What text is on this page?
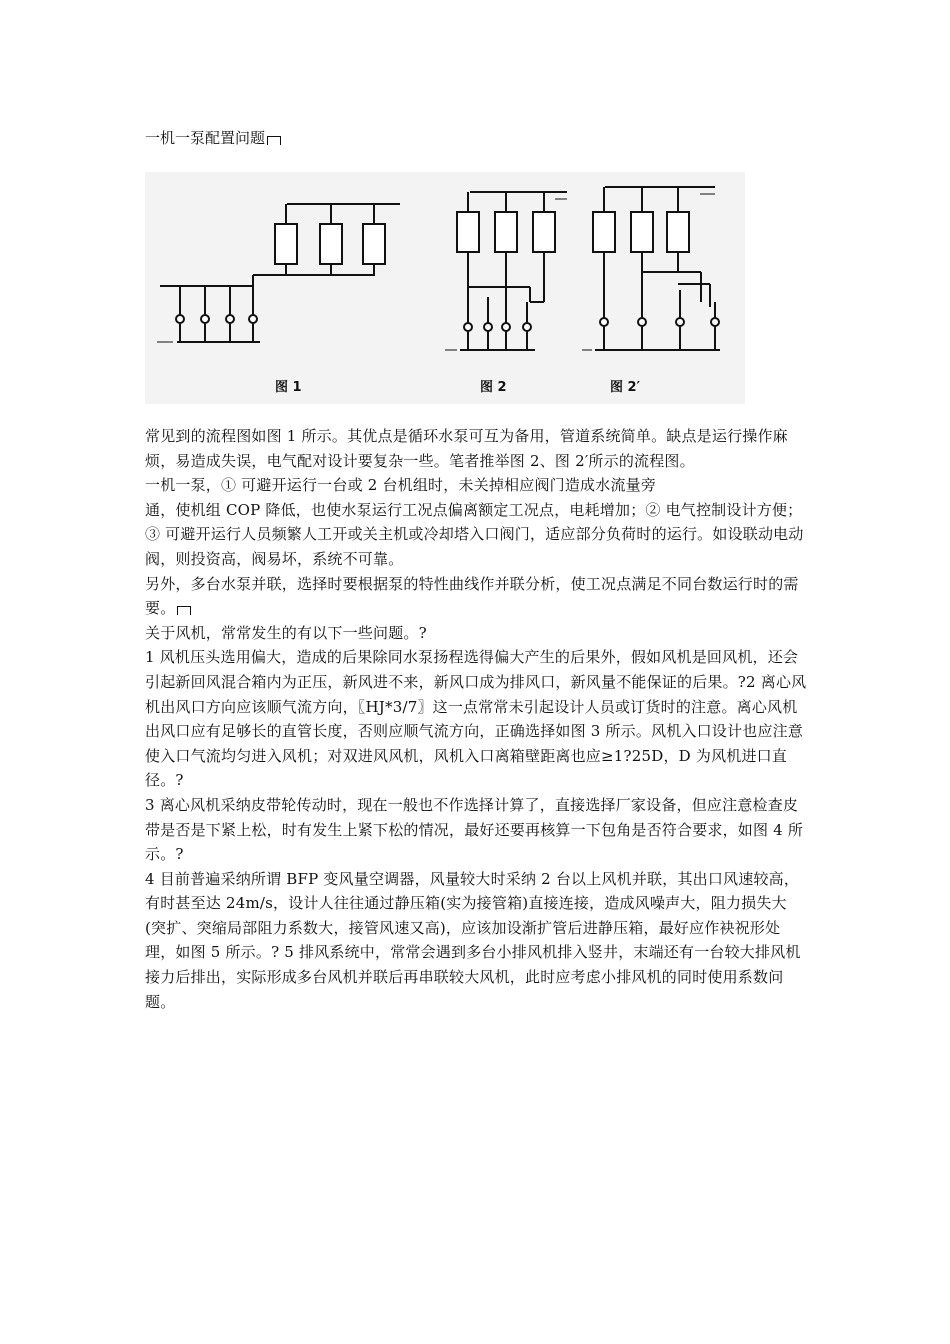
一机一泵配置问题
图 1	图 2	图 2′

常见到的流程图如图 1 所示。其优点是循环水泵可互为备用，管道系统简单。缺点是运行操作麻烦，易造成失误，电气配对设计要复杂一些。笔者推举图 2、图 2′所示的流程图。

一机一泵，① 可避开运行一台或 2 台机组时，未关掉相应阀门造成水流量旁

通，使机组 COP 降低，也使水泵运行工况点偏离额定工况点，电耗增加；② 电气控制设计方便；③ 可避开运行人员频繁人工开或关主机或冷却塔入口阀门，适应部分负荷时的运行。如设联动电动阀，则投资高，阀易坏，系统不可靠。

另外，多台水泵并联，选择时要根据泵的特性曲线作并联分析，使工况点满足不同台数运行时的需要。

关于风机，常常发生的有以下一些问题。?

1 风机压头选用偏大，造成的后果除同水泵扬程选得偏大产生的后果外，假如风机是回风机，还会引起新回风混合箱内为正压，新风进不来，新风口成为排风口，新风量不能保证的后果。?2 离心风机出风口方向应该顺气流方向，〖HJ*3/7〗这一点常常未引起设计人员或订货时的注意。离心风机出风口应有足够长的直管长度，否则应顺气流方向，正确选择如图 3 所示。风机入口设计也应注意使入口气流均匀进入风机；对双进风风机，风机入口离箱壁距离也应≥1?25D，D 为风机进口直径。?

3 离心风机采纳皮带轮传动时，现在一般也不作选择计算了，直接选择厂家设备，但应注意检查皮带是否是下紧上松，时有发生上紧下松的情况，最好还要再核算一下包角是否符合要求，如图 4 所示。?

4 目前普遍采纳所谓 BFP 变风量空调器，风量较大时采纳 2 台以上风机并联，其出口风速较高，有时甚至达 24m/s，设计人往往通过静压箱(实为接管箱)直接连接，造成风噪声大，阻力损失大(突扩、突缩局部阻力系数大，接管风速又高)，应该加设渐扩管后进静压箱，最好应作袂祝形处理，如图 5 所示。? 5 排风系统中，常常会遇到多台小排风机排入竖井，末端还有一台较大排风机接力后排出，实际形成多台风机并联后再串联较大风机，此时应考虑小排风机的同时使用系数问题。
